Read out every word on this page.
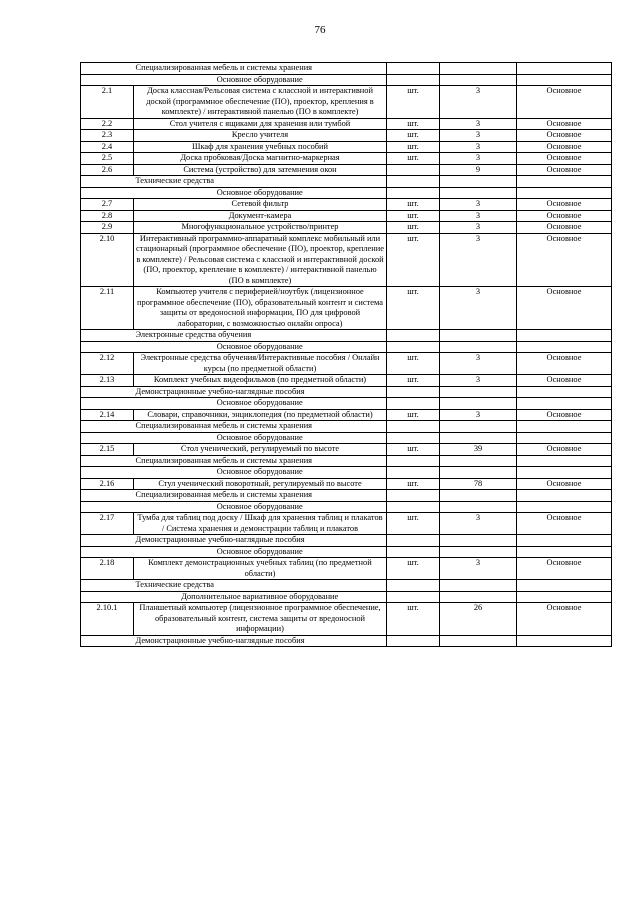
76
	Специализированная мебель и системы хранения			
	Основное оборудование			
2.1	Доска классная/Рельсовая система с классной и интерактивной доской (программное обеспечение (ПО), проектор, крепления в комплекте) / интерактивной панелью (ПО в комплекте)	шт.	3	Основное
2.2	Стол учителя с ящиками для хранения или тумбой	шт.	3	Основное
2.3	Кресло учителя	шт.	3	Основное
2.4	Шкаф для хранения учебных пособий	шт.	3	Основное
2.5	Доска пробковая/Доска магнитно-маркерная	шт.	3	Основное
2.6	Система (устройство) для затемнения окон		9	Основное
	Технические средства			
	Основное оборудование			
2.7	Сетевой фильтр	шт.	3	Основное
2.8	Документ-камера	шт.	3	Основное
2.9	Многофункциональное устройство/принтер	шт.	3	Основное
2.10	Интерактивный программно-аппаратный комплекс мобильный или стационарный (программное обеспечение (ПО), проектор, крепление в комплекте) / Рельсовая система с классной и интерактивной доской (ПО, проектор, крепление в комплекте) / интерактивной панелью (ПО в комплекте)	шт.	3	Основное
2.11	Компьютер учителя с периферией/ноутбук (лицензионное программное обеспечение (ПО), образовательный контент и система защиты от вредоносной информации, ПО для цифровой лаборатории, с возможностью онлайн опроса)	шт.	3	Основное
	Электронные средства обучения			
	Основное оборудование			
2.12	Электронные средства обучения/Интерактивные пособия / Онлайн курсы (по предметной области)	шт.	3	Основное
2.13	Комплект учебных видеофильмов (по предметной области)	шт.	3	Основное
	Демонстрационные учебно-наглядные пособия			
	Основное оборудование			
2.14	Словари, справочники, энциклопедия (по предметной области)	шт.	3	Основное
	Специализированная мебель и системы хранения			
	Основное оборудование			
2.15	Стол ученический, регулируемый по высоте	шт.	39	Основное
	Специализированная мебель и системы хранения			
	Основное оборудование			
2.16	Стул ученический поворотный, регулируемый по высоте	шт.	78	Основное
	Специализированная мебель и системы хранения			
	Основное оборудование			
2.17	Тумба для таблиц под доску / Шкаф для хранения таблиц и плакатов / Система хранения и демонстрации таблиц и плакатов	шт.	3	Основное
	Демонстрационные учебно-наглядные пособия			
	Основное оборудование			
2.18	Комплект демонстрационных учебных таблиц (по предметной области)	шт.	3	Основное
	Технические средства			
	Дополнительное вариативное оборудование			
2.10.1	Планшетный компьютер (лицензионное программное обеспечение, образовательный контент, система защиты от вредоносной информации)	шт.	26	Основное
	Демонстрационные учебно-наглядные пособия			
